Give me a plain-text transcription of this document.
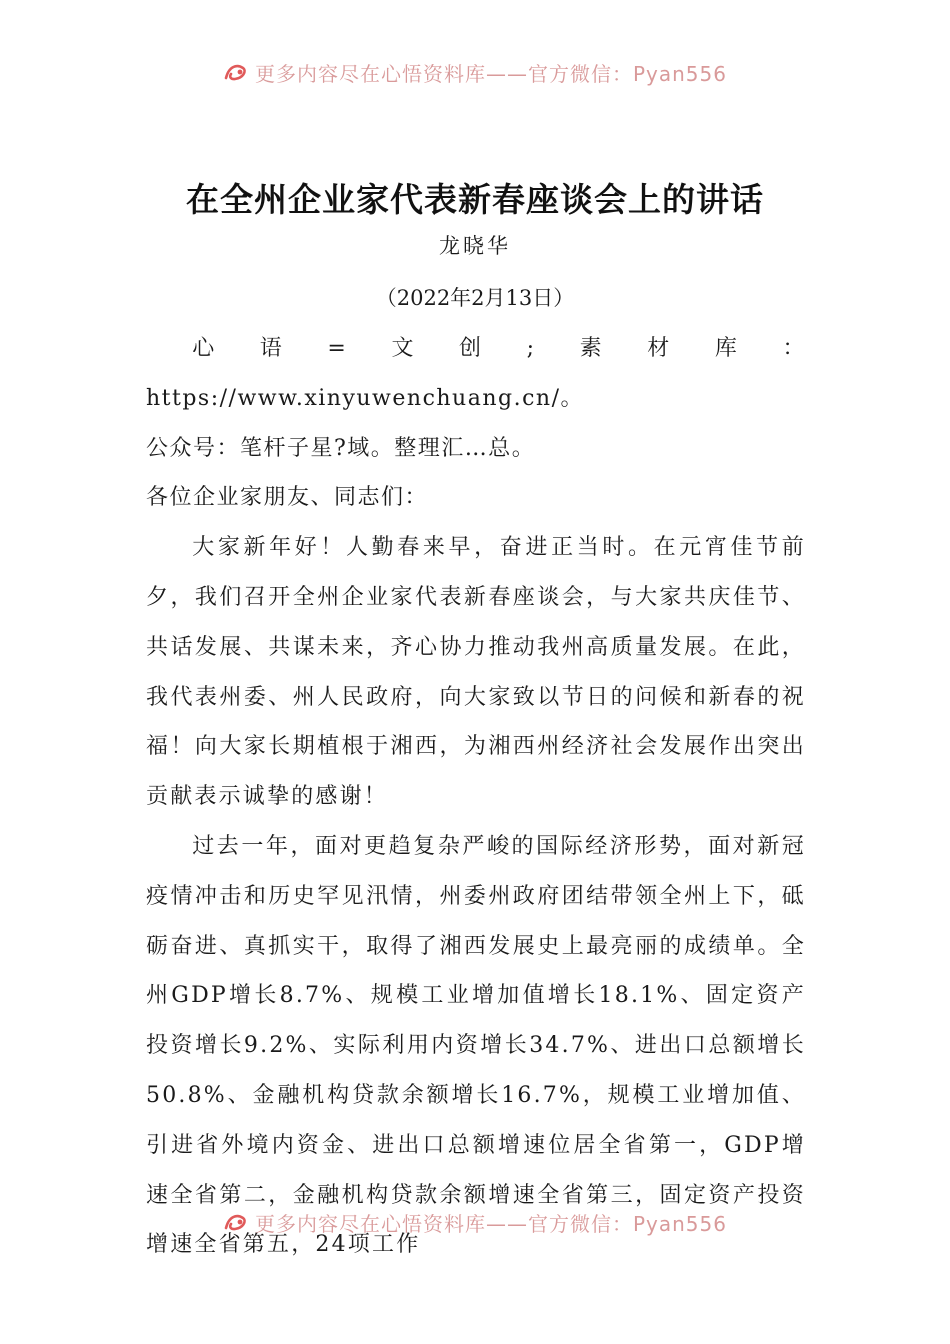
更多内容尽在心悟资料库——官方微信：Pyan556
在全州企业家代表新春座谈会上的讲话
龙晓华
（2022年2月13日）

心语=文创;素材库：https://www.xinyuwenchuang.cn/。

公众号：笔杆子星?域。整理汇…总。

各位企业家朋友、同志们：

大家新年好！人勤春来早，奋进正当时。在元宵佳节前夕，我们召开全州企业家代表新春座谈会，与大家共庆佳节、共话发展、共谋未来，齐心协力推动我州高质量发展。在此，我代表州委、州人民政府，向大家致以节日的问候和新春的祝福！向大家长期植根于湘西，为湘西州经济社会发展作出突出贡献表示诚挚的感谢！

过去一年，面对更趋复杂严峻的国际经济形势，面对新冠疫情冲击和历史罕见汛情，州委州政府团结带领全州上下，砥砺奋进、真抓实干，取得了湘西发展史上最亮丽的成绩单。全州GDP增长8.7%、规模工业增加值增长18.1%、固定资产投资增长9.2%、实际利用内资增长34.7%、进出口总额增长50.8%、金融机构贷款余额增长16.7%，规模工业增加值、引进省外境内资金、进出口总额增速位居全省第一，GDP增速全省第二，金融机构贷款余额增速全省第三，固定资产投资增速全省第五，24项工作

更多内容尽在心悟资料库——官方微信：Pyan556
